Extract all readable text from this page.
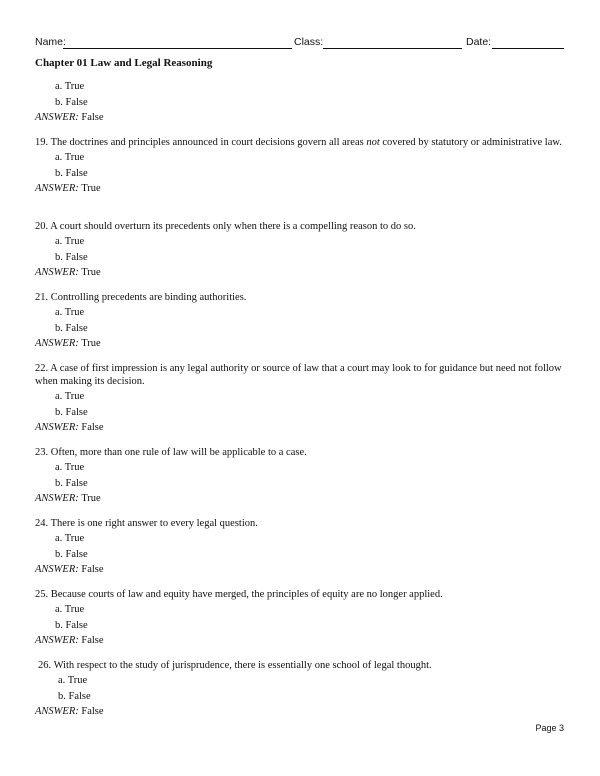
Name:	Class:	Date:
Chapter 01 Law and Legal Reasoning
a. True
b. False
ANSWER: False

19. The doctrines and principles announced in court decisions govern all areas not covered by statutory or administrative law.

a. True
b. False
ANSWER: True

20. A court should overturn its precedents only when there is a compelling reason to do so.

a. True
b. False
ANSWER: True

21. Controlling precedents are binding authorities.

a. True
b. False
ANSWER: True

22. A case of first impression is any legal authority or source of law that a court may look to for guidance but need not follow when making its decision.

a. True
b. False
ANSWER: False

23. Often, more than one rule of law will be applicable to a case.

a. True
b. False
ANSWER: True

24. There is one right answer to every legal question.

a. True
b. False
ANSWER: False

25. Because courts of law and equity have merged, the principles of equity are no longer applied.

a. True
b. False
ANSWER: False

26. With respect to the study of jurisprudence, there is essentially one school of legal thought.

a. True
b. False
ANSWER: False
Page 3
